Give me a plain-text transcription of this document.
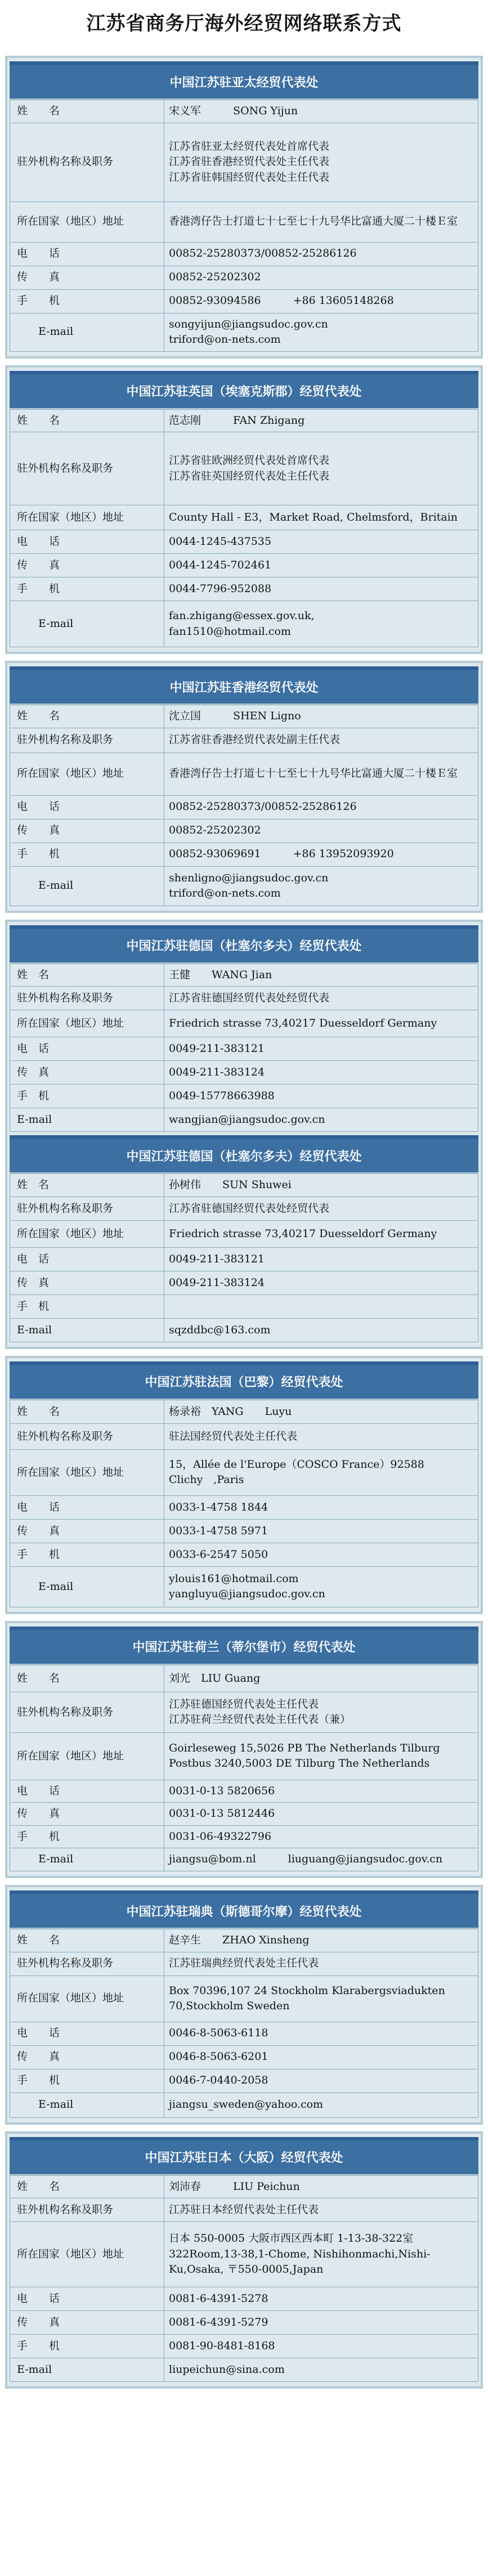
江苏省商务厅海外经贸网络联系方式
中国江苏驻亚太经贸代表处
姓　　名	宋义军　　　SONG Yijun

驻外机构名称及职务	江苏省驻亚太经贸代表处首席代表
江苏省驻香港经贸代表处主任代表
江苏省驻韩国经贸代表处主任代表

所在国家（地区）地址	香港湾仔告士打道七十七至七十九号华比富通大厦二十楼Ｅ室

电　　话	00852-25280373/00852-25286126

传　　真	00852-25202302

手　　机	00852-93094586　　　+86 13605148268

　　E-mail	songyijun@jiangsudoc.gov.cn
triford@on-nets.com
中国江苏驻英国（埃塞克斯郡）经贸代表处
姓　　名	范志刚　　　FAN Zhigang

驻外机构名称及职务	江苏省驻欧洲经贸代表处首席代表
江苏省驻英国经贸代表处主任代表

所在国家（地区）地址	County Hall - E3，Market Road, Chelmsford，Britain

电　　话	0044-1245-437535

传　　真	0044-1245-702461

手　　机	0044-7796-952088

　　E-mail	fan.zhigang@essex.gov.uk,
fan1510@hotmail.com
中国江苏驻香港经贸代表处
姓　　名	沈立国　　　SHEN Ligno

驻外机构名称及职务	江苏省驻香港经贸代表处副主任代表

所在国家（地区）地址	香港湾仔告士打道七十七至七十九号华比富通大厦二十楼Ｅ室

电　　话	00852-25280373/00852-25286126

传　　真	00852-25202302

手　　机	00852-93069691　　　+86 13952093920

　　E-mail	shenligno@jiangsudoc.gov.cn
triford@on-nets.com
中国江苏驻德国（杜塞尔多夫）经贸代表处
姓　名	王健　　WANG Jian

驻外机构名称及职务	江苏省驻德国经贸代表处经贸代表

所在国家（地区）地址	Friedrich strasse 73,40217 Duesseldorf Germany

电　话	0049-211-383121

传　真	0049-211-383124

手　机	0049-15778663988

E-mail	wangjian@jiangsudoc.gov.cn
中国江苏驻德国（杜塞尔多夫）经贸代表处
姓　名	孙树伟　　SUN Shuwei

驻外机构名称及职务	江苏省驻德国经贸代表处经贸代表

所在国家（地区）地址	Friedrich strasse 73,40217 Duesseldorf Germany

电　话	0049-211-383121

传　真	0049-211-383124

手　机	

E-mail	sqzddbc@163.com
中国江苏驻法国（巴黎）经贸代表处
姓　　名	杨录裕　YANG　　Luyu

驻外机构名称及职务	驻法国经贸代表处主任代表

所在国家（地区）地址	15，Allée de l'Europe（COSCO France）92588 Clichy　,Paris

电　　话	0033-1-4758 1844

传　　真	0033-1-4758 5971

手　　机	0033-6-2547 5050

　　E-mail	ylouis161@hotmail.com
yangluyu@jiangsudoc.gov.cn
中国江苏驻荷兰（蒂尔堡市）经贸代表处
姓　　名	刘光　LIU Guang

驻外机构名称及职务	江苏驻德国经贸代表处主任代表
江苏驻荷兰经贸代表处主任代表（兼）

所在国家（地区）地址	Goirleseweg 15,5026 PB The Netherlands Tilburg
Postbus 3240,5003 DE Tilburg The Netherlands

电　　话	0031-0-13 5820656

传　　真	0031-0-13 5812446

手　　机	0031-06-49322796

　　E-mail	jiangsu@bom.nl　　　liuguang@jiangsudoc.gov.cn
中国江苏驻瑞典（斯德哥尔摩）经贸代表处
姓　　名	赵辛生　　ZHAO Xinsheng

驻外机构名称及职务	江苏驻瑞典经贸代表处主任代表

所在国家（地区）地址	Box 70396,107 24 Stockholm Klarabergsviadukten 70,Stockholm Sweden

电　　话	0046-8-5063-6118

传　　真	0046-8-5063-6201

手　　机	0046-7-0440-2058

　　E-mail	jiangsu_sweden@yahoo.com
中国江苏驻日本（大阪）经贸代表处
姓　　名	刘沛春　　　LIU Peichun

驻外机构名称及职务	江苏驻日本经贸代表处主任代表

所在国家（地区）地址	日本 550-0005 大阪市西区西本町 1-13-38-322室 322Room,13-38,1-Chome, Nishihonmachi,Nishi-Ku,Osaka, 〒550-0005,Japan

电　　话	0081-6-4391-5278

传　　真	0081-6-4391-5279

手　　机	0081-90-8481-8168

E-mail	liupeichun@sina.com
